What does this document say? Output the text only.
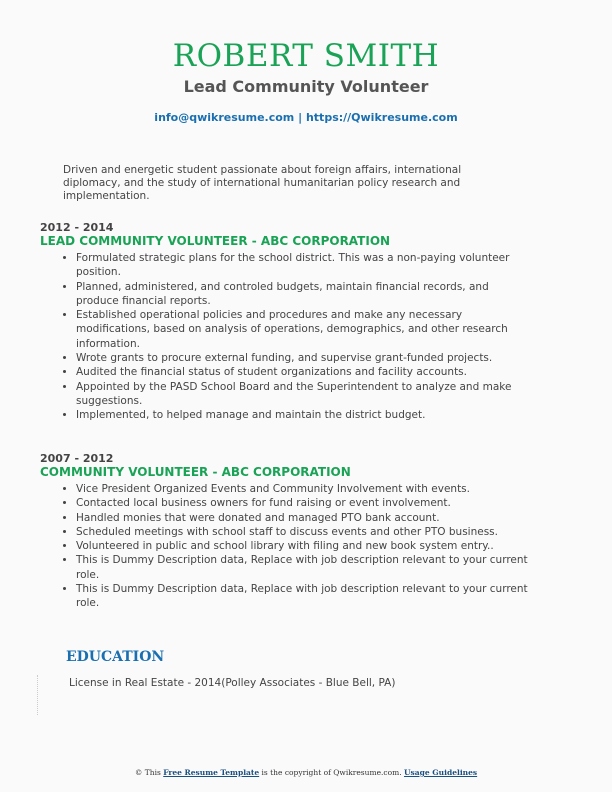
ROBERT SMITH
Lead Community Volunteer
info@qwikresume.com | https://Qwikresume.com
Driven and energetic student passionate about foreign affairs, international diplomacy, and the study of international humanitarian policy research and implementation.
2012 - 2014
LEAD COMMUNITY VOLUNTEER - ABC CORPORATION
• Formulated strategic plans for the school district. This was a non-paying volunteer position.
• Planned, administered, and controled budgets, maintain financial records, and produce financial reports.
• Established operational policies and procedures and make any necessary modifications, based on analysis of operations, demographics, and other research information.
• Wrote grants to procure external funding, and supervise grant-funded projects.
• Audited the financial status of student organizations and facility accounts.
• Appointed by the PASD School Board and the Superintendent to analyze and make suggestions.
• Implemented, to helped manage and maintain the district budget.
2007 - 2012
COMMUNITY VOLUNTEER - ABC CORPORATION
• Vice President Organized Events and Community Involvement with events.
• Contacted local business owners for fund raising or event involvement.
• Handled monies that were donated and managed PTO bank account.
• Scheduled meetings with school staff to discuss events and other PTO business.
• Volunteered in public and school library with filing and new book system entry..
• This is Dummy Description data, Replace with job description relevant to your current role.
• This is Dummy Description data, Replace with job description relevant to your current role.
EDUCATION
License in Real Estate - 2014(Polley Associates - Blue Bell, PA)
© This Free Resume Template is the copyright of Qwikresume.com. Usage Guidelines
